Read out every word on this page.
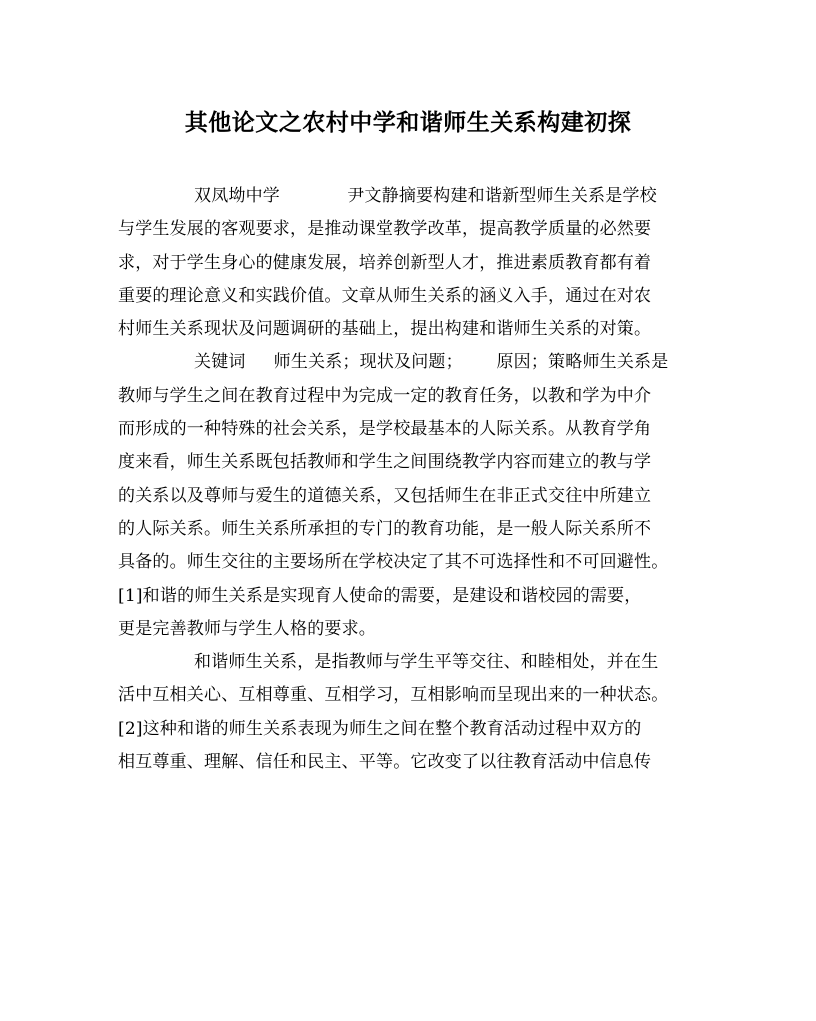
其他论文之农村中学和谐师生关系构建初探
双凤坳中学            尹文静摘要构建和谐新型师生关系是学校
与学生发展的客观要求，是推动课堂教学改革，提高教学质量的必然要
求，对于学生身心的健康发展，培养创新型人才，推进素质教育都有着
重要的理论意义和实践价值。文章从师生关系的涵义入手，通过在对农
村师生关系现状及问题调研的基础上，提出构建和谐师生关系的对策。
关键词     师生关系；现状及问题；      原因；策略师生关系是
教师与学生之间在教育过程中为完成一定的教育任务，以教和学为中介
而形成的一种特殊的社会关系，是学校最基本的人际关系。从教育学角
度来看，师生关系既包括教师和学生之间围绕教学内容而建立的教与学
的关系以及尊师与爱生的道德关系，又包括师生在非正式交往中所建立
的人际关系。师生关系所承担的专门的教育功能，是一般人际关系所不
具备的。师生交往的主要场所在学校决定了其不可选择性和不可回避性。
[1]和谐的师生关系是实现育人使命的需要，是建设和谐校园的需要，
更是完善教师与学生人格的要求。
和谐师生关系，是指教师与学生平等交往、和睦相处，并在生
活中互相关心、互相尊重、互相学习，互相影响而呈现出来的一种状态。
[2]这种和谐的师生关系表现为师生之间在整个教育活动过程中双方的
相互尊重、理解、信任和民主、平等。它改变了以往教育活动中信息传
